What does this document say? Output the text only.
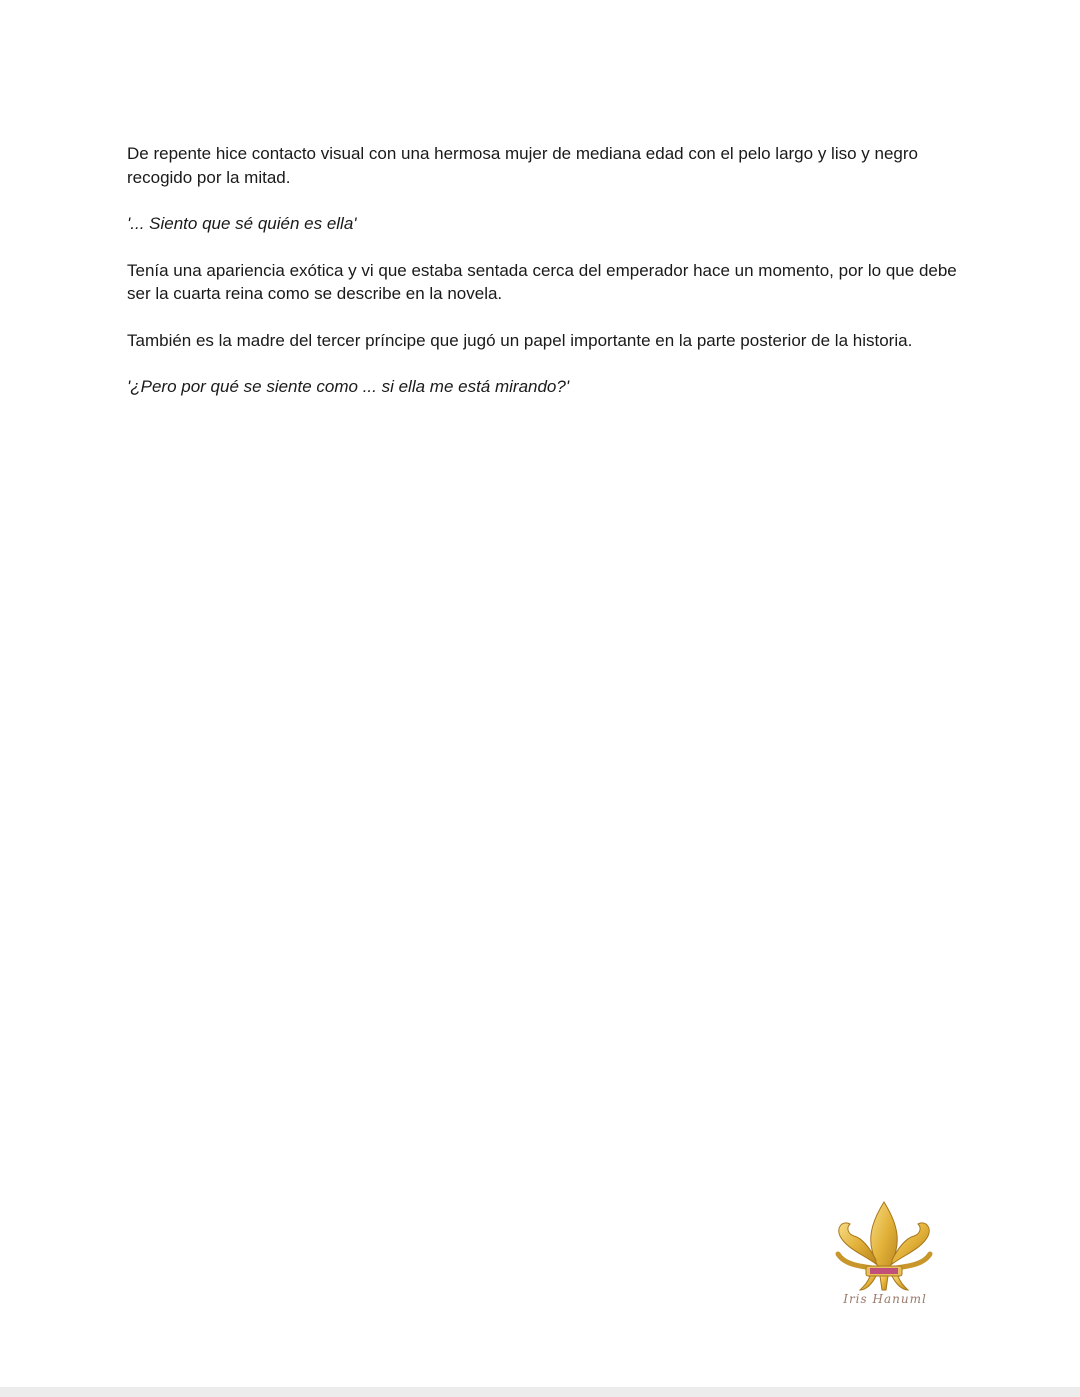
De repente hice contacto visual con una hermosa mujer de mediana edad con el pelo largo y liso y negro recogido por la mitad.

'... Siento que sé quién es ella'

Tenía una apariencia exótica y vi que estaba sentada cerca del emperador hace un momento, por lo que debe ser la cuarta reina como se describe en la novela.

También es la madre del tercer príncipe que jugó un papel importante en la parte posterior de la historia.

'¿Pero por qué se siente como ... si ella me está mirando?'

Iris Hanuml
